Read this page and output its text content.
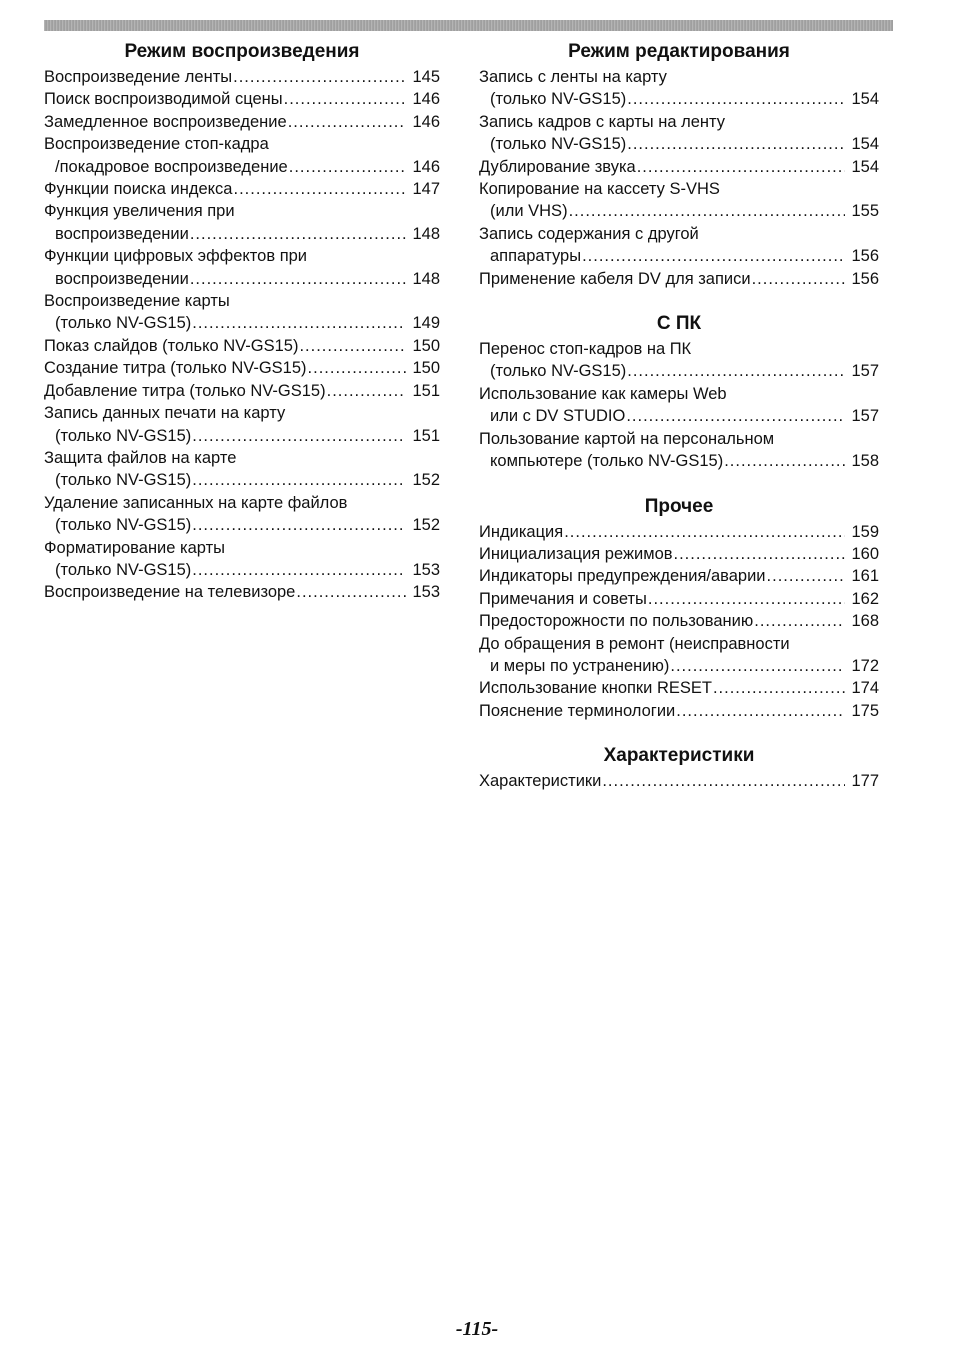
Режим воспроизведения
Воспроизведение ленты .....	145
Поиск воспроизводимой сцены .....	146
Замедленное воспроизведение .....	146
Воспроизведение стоп-кадра
/покадровое воспроизведение .....	146
Функции поиска индекса .....	147
Функция увеличения при
воспроизведении .....	148
Функции цифровых эффектов при
воспроизведении .....	148
Воспроизведение карты
(только NV-GS15) .....	149
Показ слайдов (только NV-GS15) .....	150
Создание титра (только NV-GS15) .....	150
Добавление титра (только NV-GS15) .....	151
Запись данных печати на карту
(только NV-GS15) .....	151
Защита файлов на карте
(только NV-GS15) .....	152
Удаление записанных на карте файлов
(только NV-GS15) .....	152
Форматирование карты
(только NV-GS15) .....	153
Воспроизведение на телевизоре .....	153
Режим редактирования
Запись с ленты на карту
(только NV-GS15) .....	154
Запись кадров с карты на ленту
(только NV-GS15) .....	154
Дублирование звука .....	154
Копирование на кассету S-VHS
(или VHS) .....	155
Запись содержания с другой
аппаратуры .....	156
Применение кабеля DV для записи .....	156
С ПК
Перенос стоп-кадров на ПК
(только NV-GS15) .....	157
Использование как камеры Web
или с DV STUDIO .....	157
Пользование картой на персональном
компьютере (только NV-GS15) .....	158
Прочее
Индикация .....	159
Инициализация режимов .....	160
Индикаторы предупреждения/аварии .....	161
Примечания и советы .....	162
Предосторожности по пользованию .....	168
До обращения в ремонт (неисправности
и меры по устранению) .....	172
Использование кнопки RESET .....	174
Пояснение терминологии .....	175
Характеристики
Характеристики .....	177
-115-
